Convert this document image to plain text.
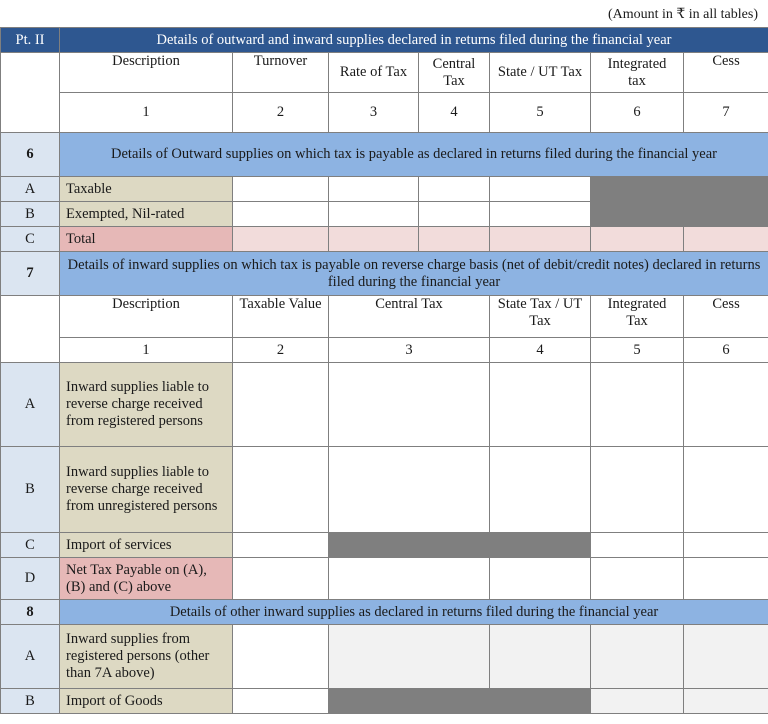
(Amount in ₹ in all tables)
Pt. II	Details of outward and inward supplies declared in returns filed during the financial year						
	Description	Turnover	Rate of Tax	Central Tax	State / UT Tax	Integrated tax	Cess
	1	2	3	4	5	6	7
6	Details of Outward supplies on which tax is payable as declared in returns filed during the financial year						
A	Taxable						
B	Exempted, Nil-rated						
C	Total						
7	Details of inward supplies on which tax is payable on reverse charge basis (net of debit/credit notes) declared in returns filed during the financial year						
	Description	Taxable Value	Central Tax		State Tax / UT Tax	Integrated Tax	Cess
	1	2	3		4	5	6
A	Inward supplies liable to reverse charge received from registered persons						
B	Inward supplies liable to reverse charge received from unregistered persons						
C	Import of services						
D	Net Tax Payable on (A), (B) and (C) above						
8	Details of other inward supplies as declared in returns filed during the financial year						
A	Inward supplies from registered persons (other than 7A above)						
B	Import of Goods						
